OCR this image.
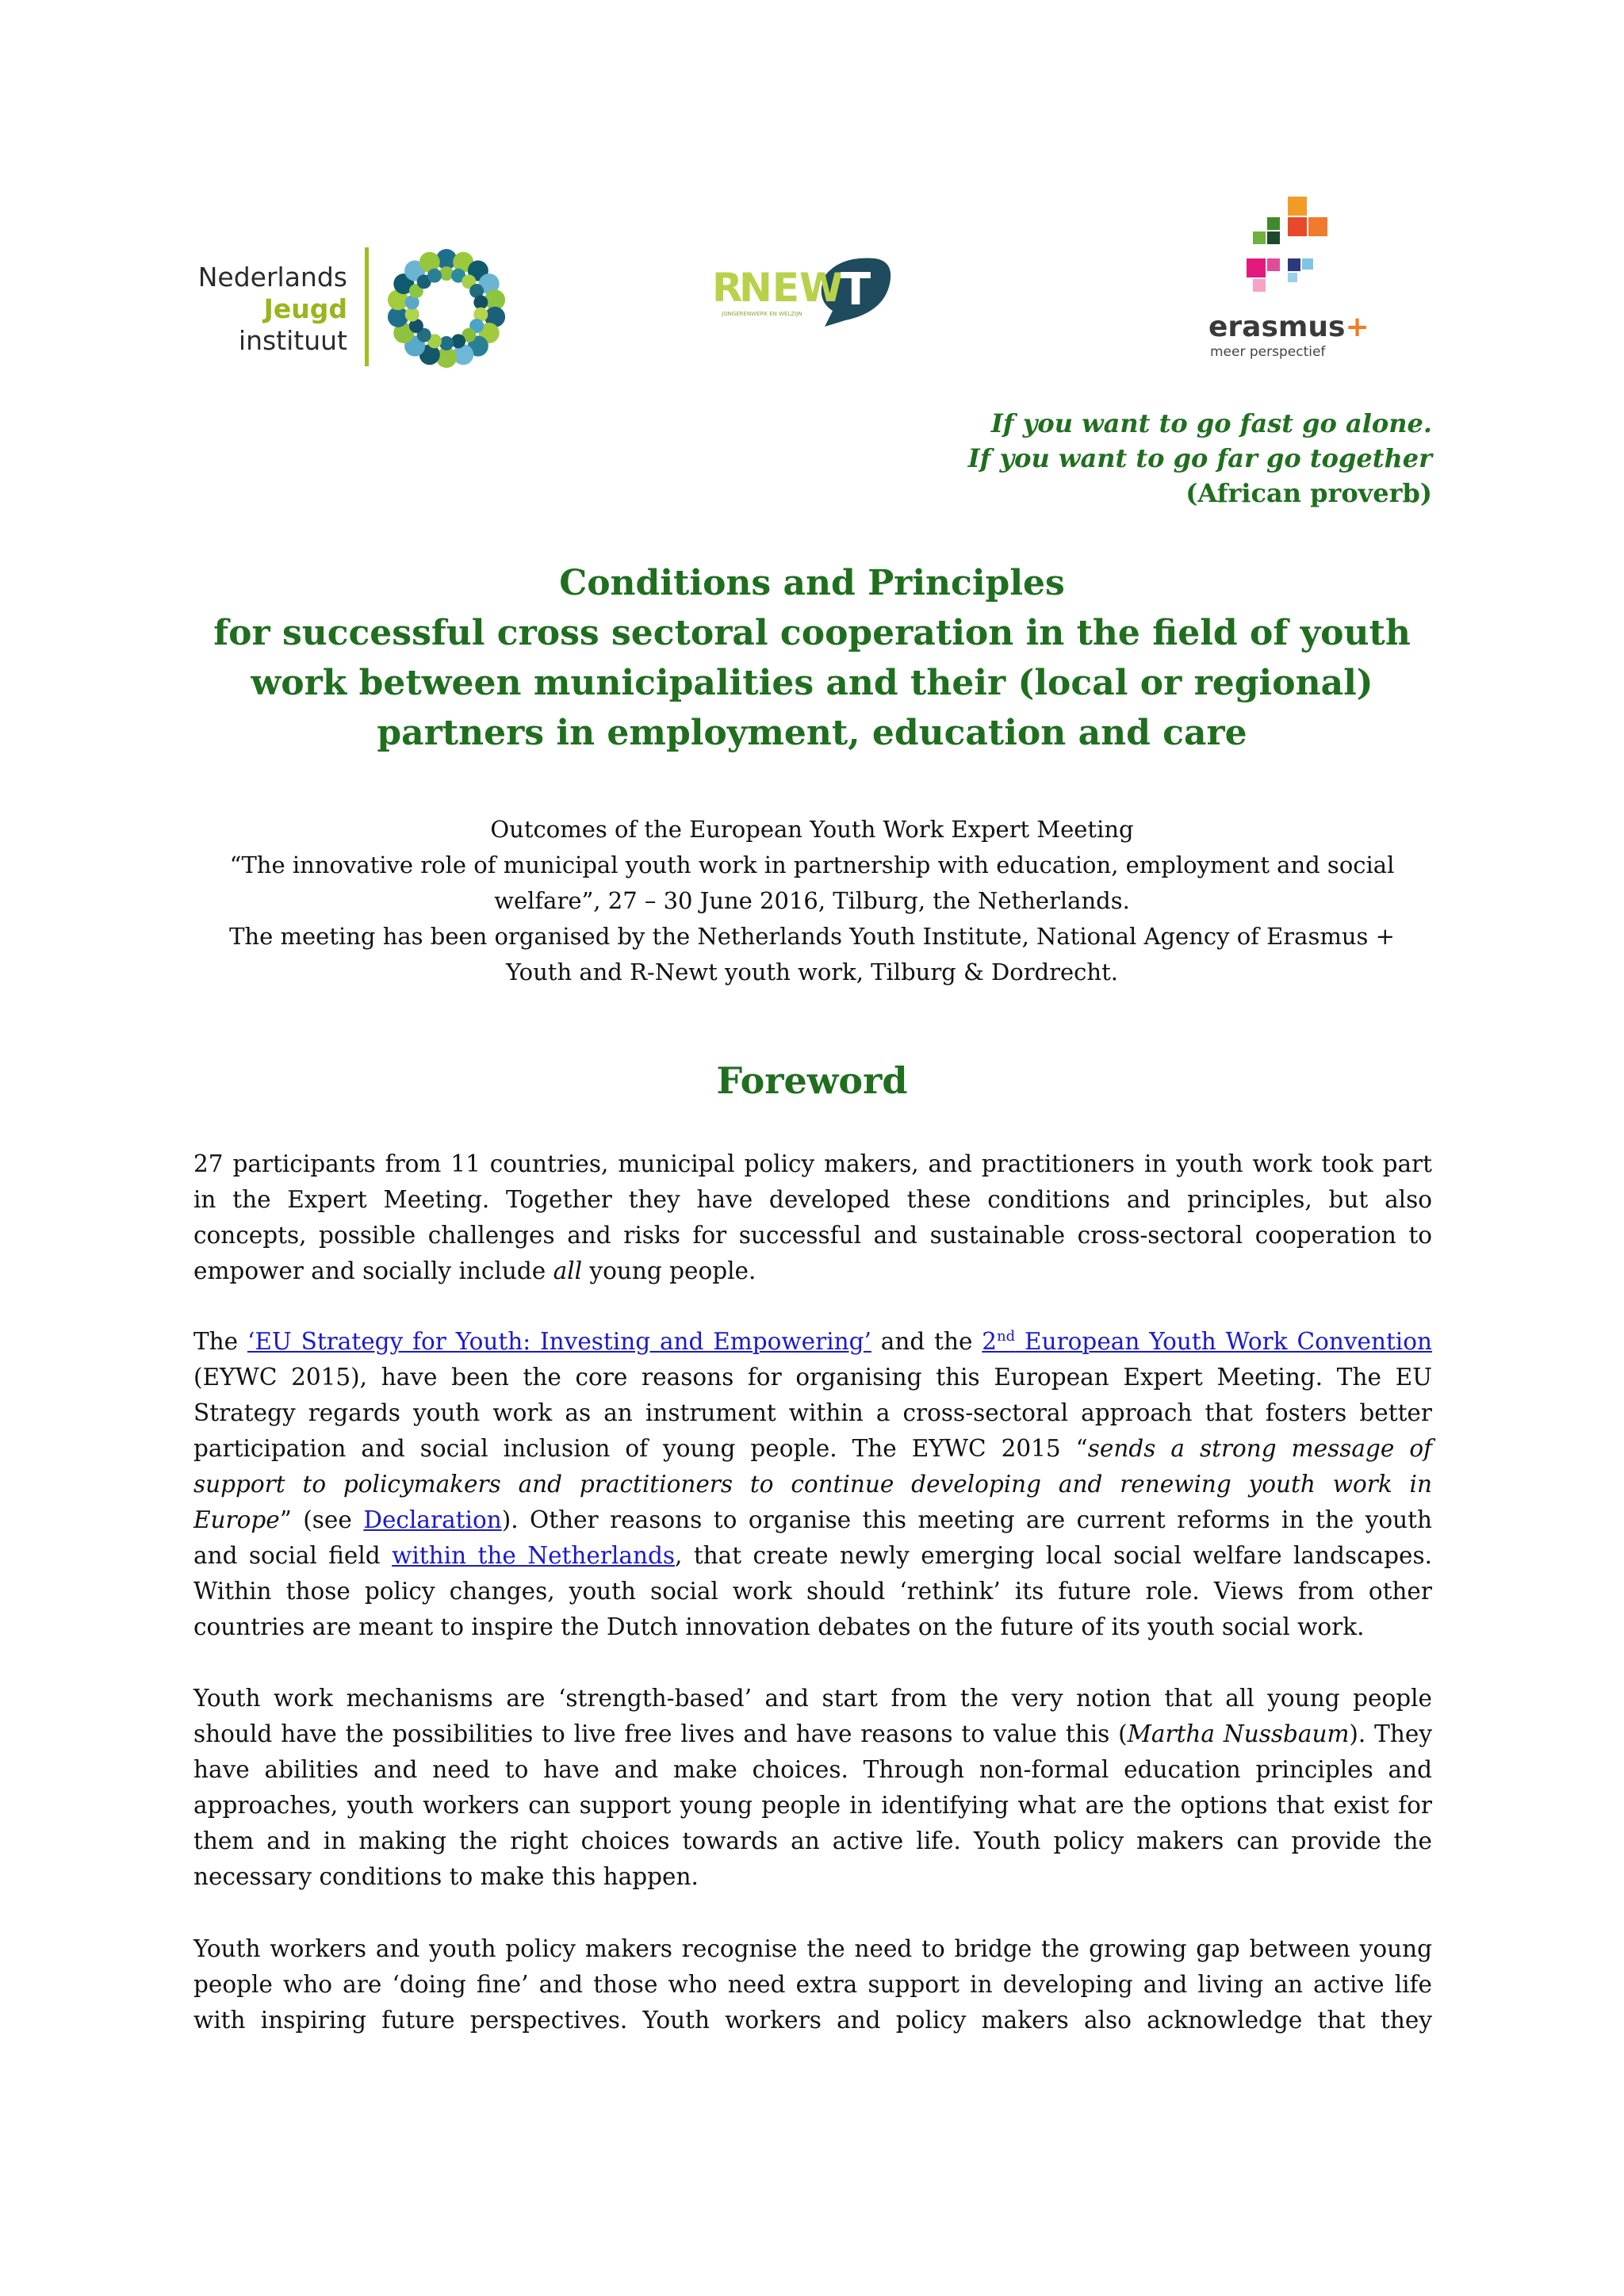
Nederlands
Jeugd
instituut
R
NEW
T
JONGERENWERK EN WELZIJN	erasmus+
meer perspectief
If you want to go fast go alone.
If you want to go far go together
(African proverb)
Conditions and Principles
for successful cross sectoral cooperation in the field of youth
work between municipalities and their (local or regional)
partners in employment, education and care
Outcomes of the European Youth Work Expert Meeting
“The innovative role of municipal youth work in partnership with education, employment and social
welfare”, 27 – 30 June 2016, Tilburg, the Netherlands.
The meeting has been organised by the Netherlands Youth Institute, National Agency of Erasmus +
Youth and R-Newt youth work, Tilburg & Dordrecht.
Foreword
27 participants from 11 countries, municipal policy makers, and practitioners in youth work took part
in the Expert Meeting. Together they have developed these conditions and principles, but also
concepts, possible challenges and risks for successful and sustainable cross-sectoral cooperation to
empower and socially include all young people.
The ‘EU Strategy for Youth: Investing and Empowering’ and the 2nd European Youth Work Convention
(EYWC 2015), have been the core reasons for organising this European Expert Meeting. The EU
Strategy regards youth work as an instrument within a cross-sectoral approach that fosters better
participation and social inclusion of young people. The EYWC 2015 “sends a strong message of
support to policymakers and practitioners to continue developing and renewing youth work in
Europe” (see Declaration). Other reasons to organise this meeting are current reforms in the youth
and social field within the Netherlands, that create newly emerging local social welfare landscapes.
Within those policy changes, youth social work should ‘rethink’ its future role. Views from other
countries are meant to inspire the Dutch innovation debates on the future of its youth social work.
Youth work mechanisms are ‘strength-based’ and start from the very notion that all young people
should have the possibilities to live free lives and have reasons to value this (Martha Nussbaum). They
have abilities and need to have and make choices. Through non-formal education principles and
approaches, youth workers can support young people in identifying what are the options that exist for
them and in making the right choices towards an active life. Youth policy makers can provide the
necessary conditions to make this happen.
Youth workers and youth policy makers recognise the need to bridge the growing gap between young
people who are ‘doing fine’ and those who need extra support in developing and living an active life
with inspiring future perspectives. Youth workers and policy makers also acknowledge that they
